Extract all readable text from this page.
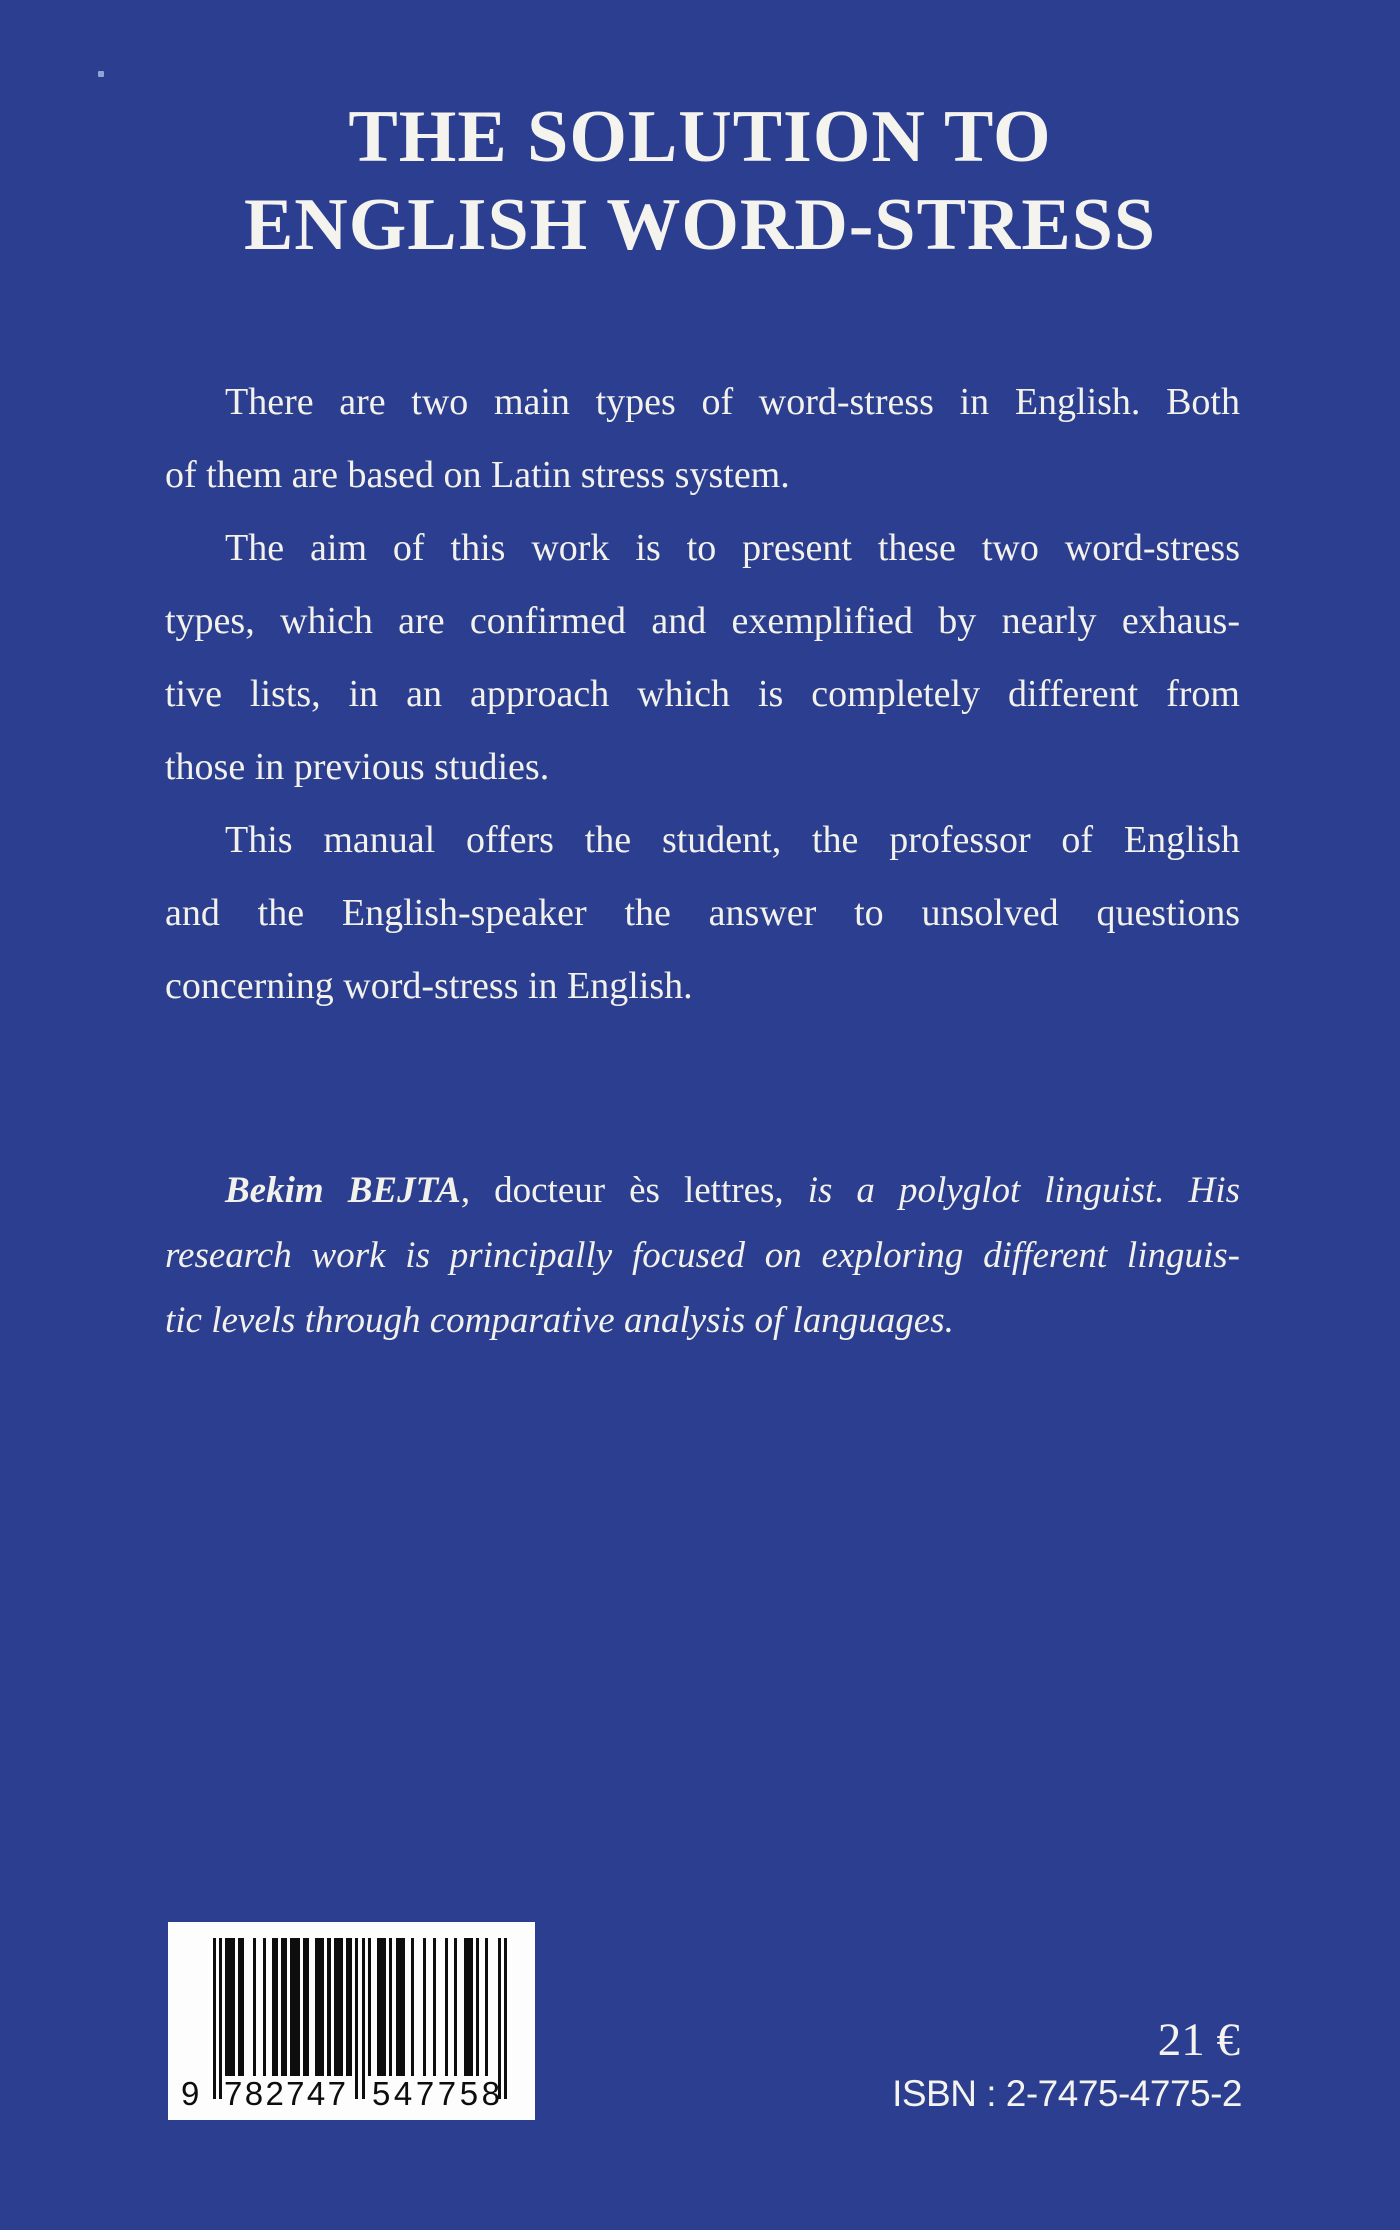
THE SOLUTION TO
ENGLISH WORD-STRESS

There are two main types of word-stress in English. Both

of them are based on Latin stress system.

The aim of this work is to present these two word-stress

types, which are confirmed and exemplified by nearly exhaus-

tive lists, in an approach which is completely different from

those in previous studies.

This manual offers the student, the professor of English

and the English-speaker the answer to unsolved questions

concerning word-stress in English.

Bekim BEJTA, docteur ès lettres, is a polyglot linguist. His

research work is principally focused on exploring different linguis-

tic levels through comparative analysis of languages.

9 7 8 2 7 4 7 5 4 7 7 5 8
21 €
ISBN : 2-7475-4775-2
